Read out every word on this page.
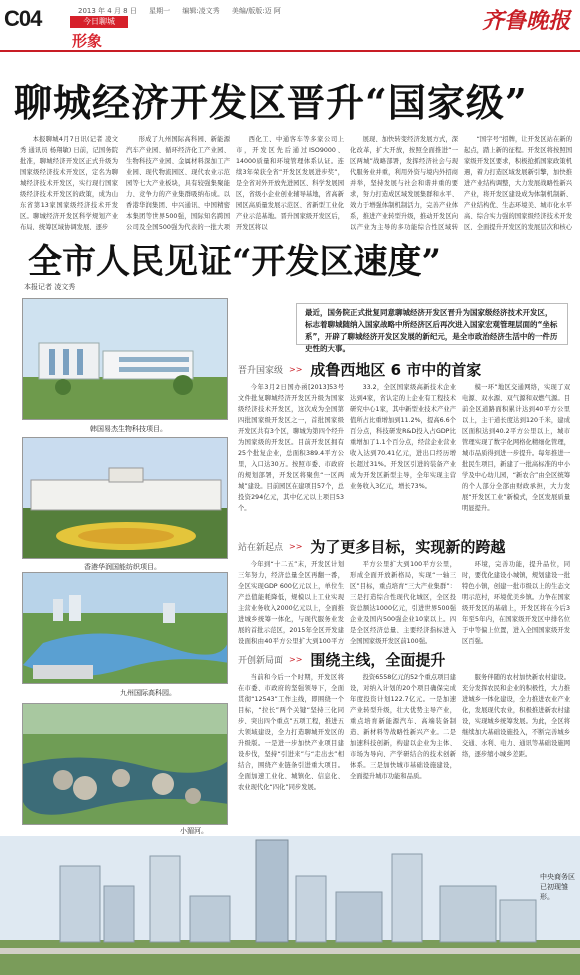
C04	2013 年 4 月 8 日 星期一 编辑:凌文秀 美编/版版:迈 阿
今日聊城
形象
齐鲁晚报
聊城经济开发区晋升“国家级”

本报聊城4月7日讯(记者 凌文秀 通讯员 杨翔敏) 日前，记国务院批准，聊城经济开发区正式升级为国家级经济技术开发区，定名为聊城经济技术开发区，实行现行国家级经济技术开发区的政策，成为山东省第13家国家级经济技术开发区。聊城经济开发区科学规划产业布局，统筹区域协调发展，逐步

形成了九州国际高科园、新能源汽车产业园、循环经济化工产业园、生物科技产业园、金属材料深加工产业园、现代物流园区、现代农业示范园等七大产业板块，具有较强集聚能力、竞争力的产业集群吸纳布成。以香港华润集团、中兴通讯、中国精密本集团等世界500强，国际知名跨国公司及全国500强为代表的一批大项

西化工、中通客车等多家公司上市，开发区先后通过ISO9000、14000质量和环境管理体系认证。连续3年荣获全省“开发区发展进步奖”，是全省对外开放先进园区、科学发展园区，省级小企业创业辅导基地，省高新园区高质量发展示范区、省新型工业化产业示范基地。晋升国家级开发区后，开发区将以

展现、加快转变经济发展方式，深化改革，扩大开放，按照全面推进“一区两城”战略部署，发挥经济社会与现代服务业并重，利用外资与境内外招商并举，坚持发展与社会和谐并重的要求，努力打造成区域发展集群和水平、效力于增强体制机制活力，完善产业体系，推进产业转型升级，推动开发区向以产业为主导的多功能综合性区域转

“国字号”招牌，让开发区站在新的起点，踏上新的征程。开发区将按照国家级开发区要求，积极抢抓国家政策机遇，着力打造区域发展新引擎，加快推进产业结构调整，大力发展战略性新兴产业，将开发区建设成为体制机制新、产业结构优、生态环境美、城市化水平高、综合实力强的国家级经济技术开发区，全面提升开发区的发展层次和核心

全市人民见证“开发区速度”
本报记者 凌文秀
最近，国务院正式批复同意聊城经济开发区晋升为国家级经济技术开发区，标志着聊城随纳入国家战略中所经济区后再次进入国家宏观管理层面的“坐标系”，开辟了聊城经济开发区发展的新纪元，是全市政治经济生活中的一件历史性的大事。
韩国易杰生物科技项目。
香港华润国能纺织项目。
九州国际高科园。
小湄河。
晋升国家级 >> 成鲁西地区 6 市中的首家

今年3月2日国办函[2013]53号文件批复聊城经济开发区升级为国家级经济技术开发区，这次成为全国第四批国家级开发区之一，首批国家级开发区共有3个区，聊城为第四个经升为国家级的开发区。目前开发区拥有25个批复企业，总面积389.4平方公里，入口达30万。按照市委、市政府的规划部署，开发区将聚焦“一区两城”建设。目前园区在建项目57个，总投资294亿元，其中亿元以上项目53个。

33.2，全区国家级高新技术企业达到4家，省认定的上企业有工程技术研究中心1家，其中新型业技术产业产值所占比重增加到11.2%，提高6.6个百分点，科技研发R&D投入占GDP比重增加了1.1个百分点，经营企业营业收入达到70.41亿元，进出口经历增长超过31%。开发区引进的装备产业成为开发区新型主导，全年实现主营业务收入3亿元，增长73%。

模一环”地区交通网络，实现了双电源、双水源、双气源和双燃气源。目前全区道路面积累计达到40平方公里以上，主干道长度达到120千米，建成区面积达到40.2平方公里以上，城市管理实现了数字化网格化精细化管理，城市品质得到进一步提升。每年推进一批民生项目，新建了一批高标准的中小学及中心幼儿园，“新农合”由全区统筹的个人部分全部由财政承担，大力发展“开发区工业”新模式，全区发展质量明显提升。

站在新起点 >> 为了更多目标，实现新的跨越

今年到“十二五”末，开发区计划三年努力，经济总量全区再翻一番，全区实现GDP 600亿元以上，单位生产总值能耗降低，规模以上工业实现主营业务收入2000亿元以上，全面推进城乡统筹一体化，与现代服务业发展的首批示范区，2015年全区开发建设面积由40平方公里扩大到100平方

平方公里扩大到100平方公里，形成全面开放新格局，实现“一轴三区”目标，重点培育“三大产业集群”：三是打造综合性现代化城区，全区投资总额达1000亿元，引进世界500强企业及国内500强企业10家以上。四是全区经济总量、主要经济指标进入全国国家级开发区前100强。

环境，完善功能，提升品位，同时，要优化建设小城镇，规划建设一批特色小镇，创建一批市级以上的生态文明示范村，环境优美乡镇。力争在国家级开发区的基础上，开发区将在今后3年至5年内，在国家级开发区中排名位于中等偏上位置，进入全国国家级开发区百强。

开创新局面 >> 围绕主线，全面提升

当前和今后一个时期，开发区将在市委、市政府的坚强领导下，全面贯彻“12543”工作主线，即围绕一个目标，“拉长”两个关键“坚持三化同步、突出四个重点”五项工程，推进五大领域建设，全力打造聊城开发区的升级版。一是进一步加快产业项目建设步伐，坚持“引进来”与“走出去”相结合，围绕产业链条引进重大项目。全面加速工业化、城镇化、信息化、农业现代化“四化”同步发展。

投资6558亿元的52个重点项目建设，对纳入计划的20个项目确保完成年度投资计划122.7亿元。一是加速产业转型升级，壮大优势主导产业，重点培育新能源汽车、高端装备制造、新材料等战略性新兴产业。二是加速科技创新，构建以企业为主体、市场为导向、产学研结合的技术创新体系。三是加快城市基础设施建设，全面提升城市功能和品质。

服务伴随的农村加快新农村建设。充分发挥农民和企业的积极性，大力推进城乡一体化建设，全力推进农业产业化，发展现代农业，积极推进新农村建设，实现城乡统筹发展。为此，全区将继续加大基础设施投入，不断完善城乡交通、水利、电力、通讯等基础设施网络，逐步缩小城乡差距。

中央商务区已初现雏形。
